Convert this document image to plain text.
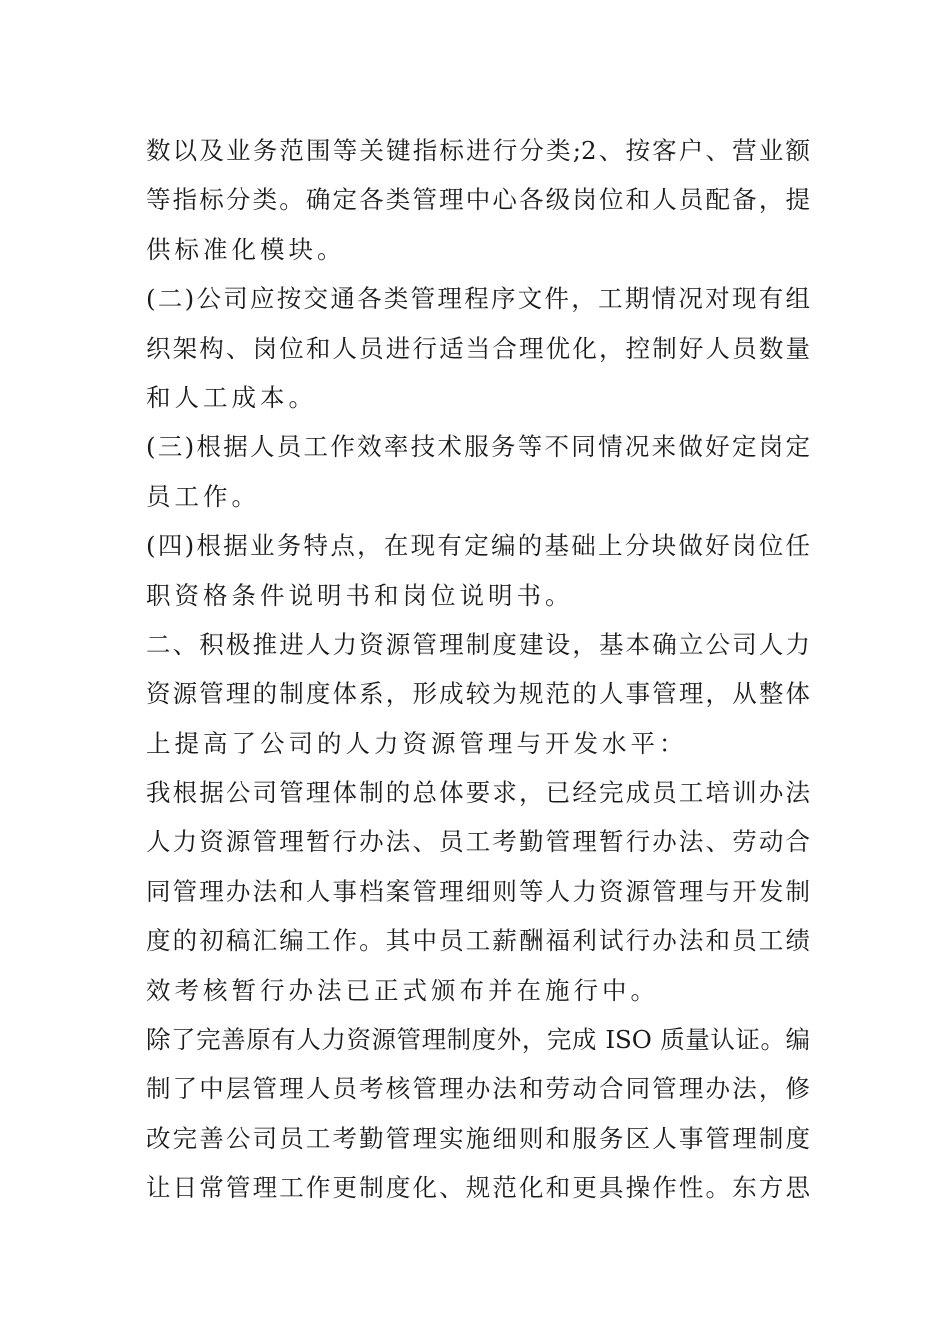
数以及业务范围等关键指标进行分类;2、按客户、营业额
等指标分类。确定各类管理中心各级岗位和人员配备，提
供标准化模块。
(二)公司应按交通各类管理程序文件，工期情况对现有组
织架构、岗位和人员进行适当合理优化，控制好人员数量
和人工成本。
(三)根据人员工作效率技术服务等不同情况来做好定岗定
员工作。
(四)根据业务特点，在现有定编的基础上分块做好岗位任
职资格条件说明书和岗位说明书。
二、积极推进人力资源管理制度建设，基本确立公司人力
资源管理的制度体系，形成较为规范的人事管理，从整体
上提高了公司的人力资源管理与开发水平：
我根据公司管理体制的总体要求，已经完成员工培训办法
人力资源管理暂行办法、员工考勤管理暂行办法、劳动合
同管理办法和人事档案管理细则等人力资源管理与开发制
度的初稿汇编工作。其中员工薪酬福利试行办法和员工绩
效考核暂行办法已正式颁布并在施行中。
除了完善原有人力资源管理制度外，完成 ISO 质量认证。编
制了中层管理人员考核管理办法和劳动合同管理办法，修
改完善公司员工考勤管理实施细则和服务区人事管理制度
让日常管理工作更制度化、规范化和更具操作性。东方思
